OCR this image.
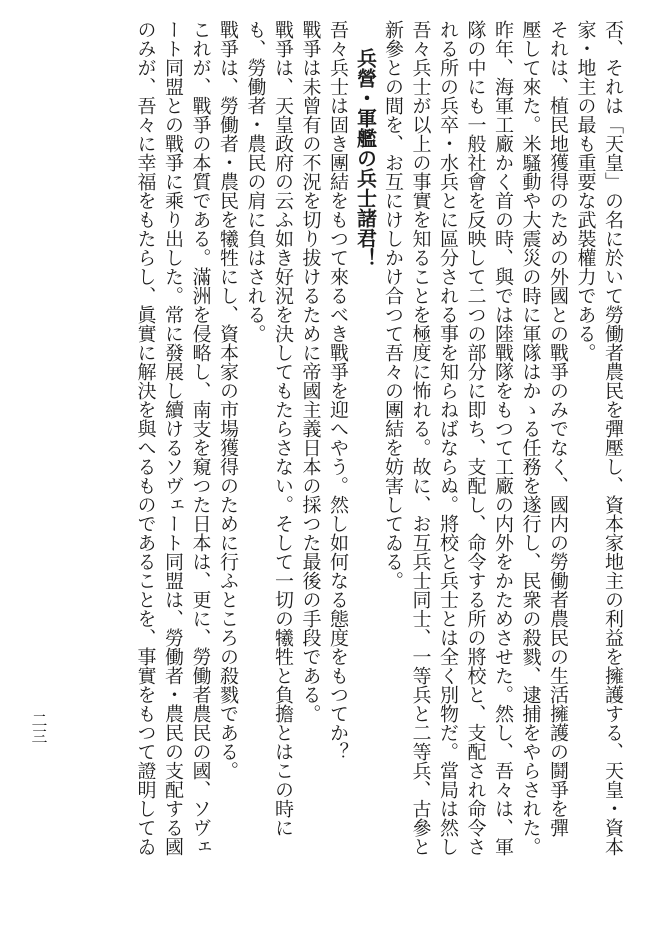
否、それは「天皇」の名に於いて勞働者農民を彈壓し、資本家地主の利益を擁護する、天皇・資本
家・地主の最も重要な武裝權力である。
それは、植民地獲得のための外國との戰爭のみでなく、國内の勞働者農民の生活擁護の鬪爭を彈
壓して來た。米騷動や大震災の時に軍隊はかゝる任務を遂行し、民衆の殺戮、逮捕をやらされた。
昨年、海軍工廠かく首の時、與では陸戰隊をもつて工廠の内外をかためさせた。然し、吾々は、軍
隊の中にも一般社會を反映して二つの部分に即ち、支配し、命令する所の將校と、支配され命令さ
れる所の兵卒・水兵とに區分される事を知らねばならぬ。將校と兵士とは全く別物だ。當局は然し
吾々兵士が以上の事實を知ることを極度に怖れる。故に、お互兵士同士、一等兵と二等兵、古參と
新參との間を、お互にけしかけ合つて吾々の團結を妨害してゐる。
兵營・軍艦の兵士諸君！
吾々兵士は固き團結をもつて來るべき戰爭を迎へやう。然し如何なる態度をもつてか？
戰爭は未曾有の不況を切り拔けるために帝國主義日本の採つた最後の手段である。
戰爭は、天皇政府の云ふ如き好況を決してもたらさない。そして一切の犧牲と負擔とはこの時に
も、勞働者・農民の肩に負はされる。
戰爭は、勞働者・農民を犧牲にし、資本家の市場獲得のために行ふところの殺戮である。
これが、戰爭の本質である。滿洲を侵略し、南支を窺つた日本は、更に、勞働者農民の國、ソヴェ
ート同盟との戰爭に乘り出した。常に發展し續けるソヴェート同盟は、勞働者・農民の支配する國
のみが、吾々に幸福をもたらし、眞實に解決を與へるものであることを、事實をもつて證明してゐ
二三
